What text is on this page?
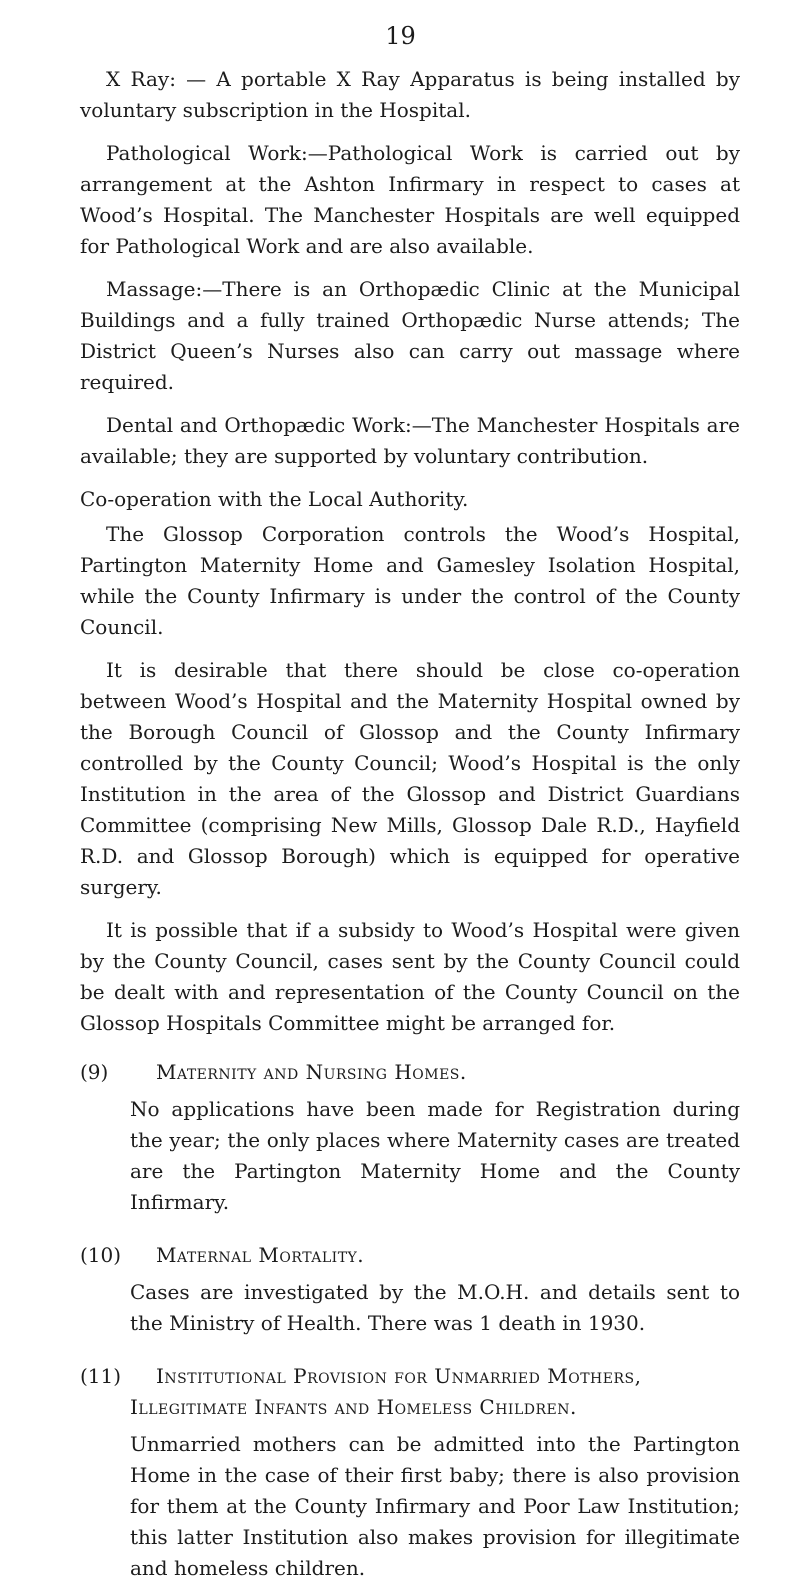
19

X Ray: — A portable X Ray Apparatus is being installed by voluntary subscription in the Hospital.

Pathological Work:—Pathological Work is carried out by arrangement at the Ashton Infirmary in respect to cases at Wood’s Hospital. The Manchester Hospitals are well equipped for Pathological Work and are also available.

Massage:—There is an Orthopædic Clinic at the Municipal Buildings and a fully trained Orthopædic Nurse attends; The District Queen’s Nurses also can carry out massage where required.

Dental and Orthopædic Work:—The Manchester Hospitals are available; they are supported by voluntary contribution.

Co-operation with the Local Authority.

The Glossop Corporation controls the Wood’s Hospital, Partington Maternity Home and Gamesley Isolation Hospital, while the County Infirmary is under the control of the County Council.

It is desirable that there should be close co-operation between Wood’s Hospital and the Maternity Hospital owned by the Borough Council of Glossop and the County Infirmary controlled by the County Council; Wood’s Hospital is the only Institution in the area of the Glossop and District Guardians Committee (comprising New Mills, Glossop Dale R.D., Hayfield R.D. and Glossop Borough) which is equipped for operative surgery.

It is possible that if a subsidy to Wood’s Hospital were given by the County Council, cases sent by the County Council could be dealt with and representation of the County Council on the Glossop Hospitals Committee might be arranged for.

(9)	Maternity and Nursing Homes.

No applications have been made for Registration during the year; the only places where Maternity cases are treated are the Partington Maternity Home and the County Infirmary.

(10)	Maternal Mortality.

Cases are investigated by the M.O.H. and details sent to the Ministry of Health. There was 1 death in 1930.

(11)	Institutional Provision for Unmarried Mothers, Illegitimate Infants and Homeless Children.

Unmarried mothers can be admitted into the Partington Home in the case of their first baby; there is also provision for them at the County Infirmary and Poor Law Institution; this latter Institution also makes provision for illegitimate and homeless children.
